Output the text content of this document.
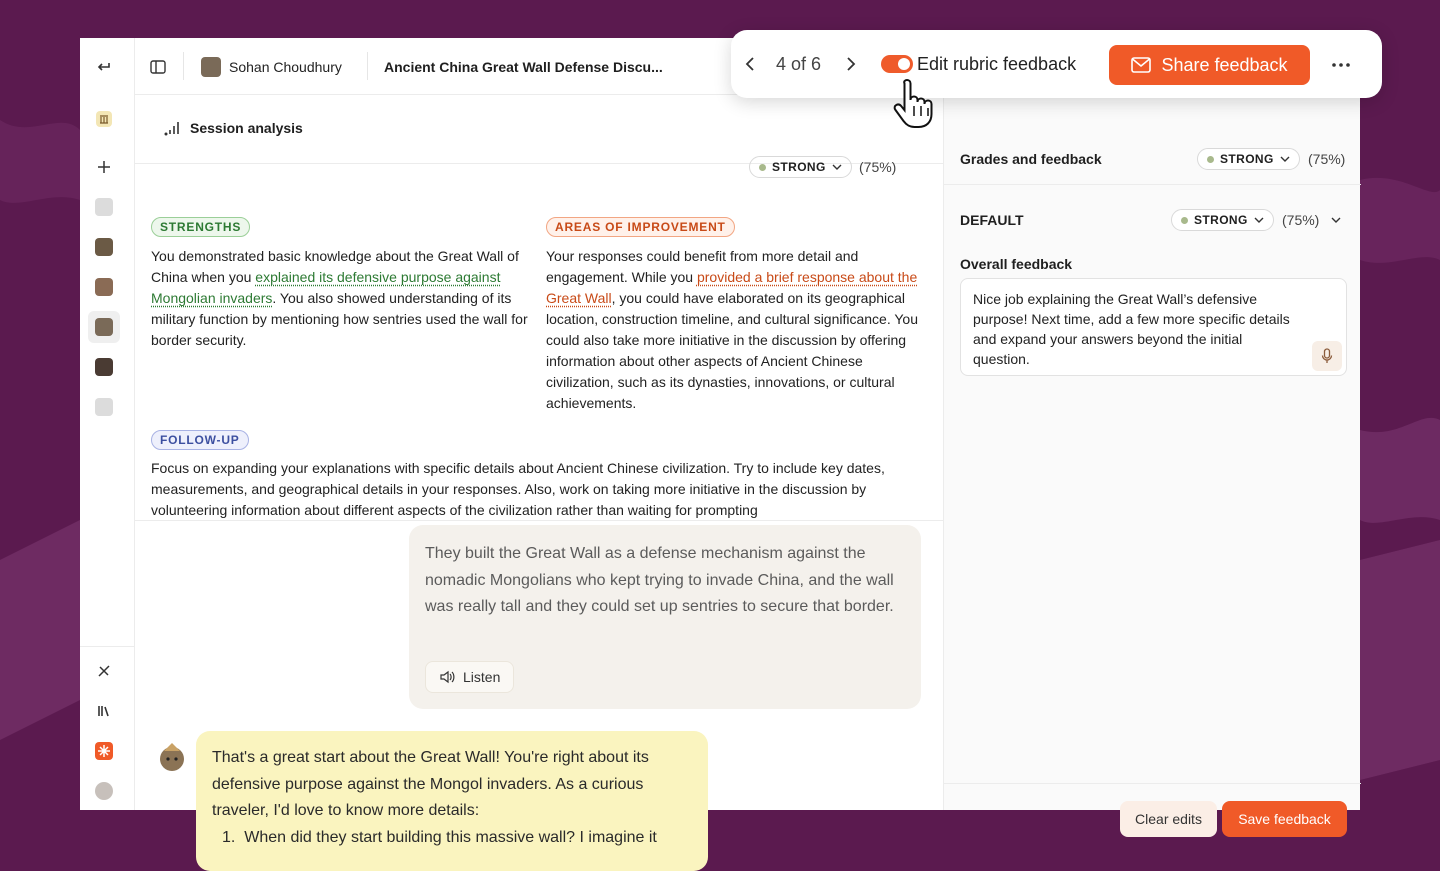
Sohan Choudhury	Ancient China Great Wall Defense Discu...
Session analysis
STRONG (75%)
STRENGTHS
You demonstrated basic knowledge about the Great Wall of China when you explained its defensive purpose against Mongolian invaders. You also showed understanding of its military function by mentioning how sentries used the wall for border security.
AREAS OF IMPROVEMENT
Your responses could benefit from more detail and engagement. While you provided a brief response about the Great Wall, you could have elaborated on its geographical location, construction timeline, and cultural significance. You could also take more initiative in the discussion by offering information about other aspects of Ancient Chinese civilization, such as its dynasties, innovations, or cultural achievements.
FOLLOW-UP
Focus on expanding your explanations with specific details about Ancient Chinese civilization. Try to include key dates, measurements, and geographical details in your responses. Also, work on taking more initiative in the discussion by volunteering information about different aspects of the civilization rather than waiting for prompting
They built the Great Wall as a defense mechanism against the nomadic Mongolians who kept trying to invade China, and the wall was really tall and they could set up sentries to secure that border.
Listen
That's a great start about the Great Wall! You're right about its defensive purpose against the Mongol invaders. As a curious traveler, I'd love to know more details:
1.  When did they start building this massive wall? I imagine it
Grades and feedback	STRONG (75%)
DEFAULT	STRONG (75%)
Overall feedback
Nice job explaining the Great Wall’s defensive purpose! Next time, add a few more specific details and expand your answers beyond the initial question.
Clear edits	Save feedback
4 of 6	Edit rubric feedback	Share feedback
